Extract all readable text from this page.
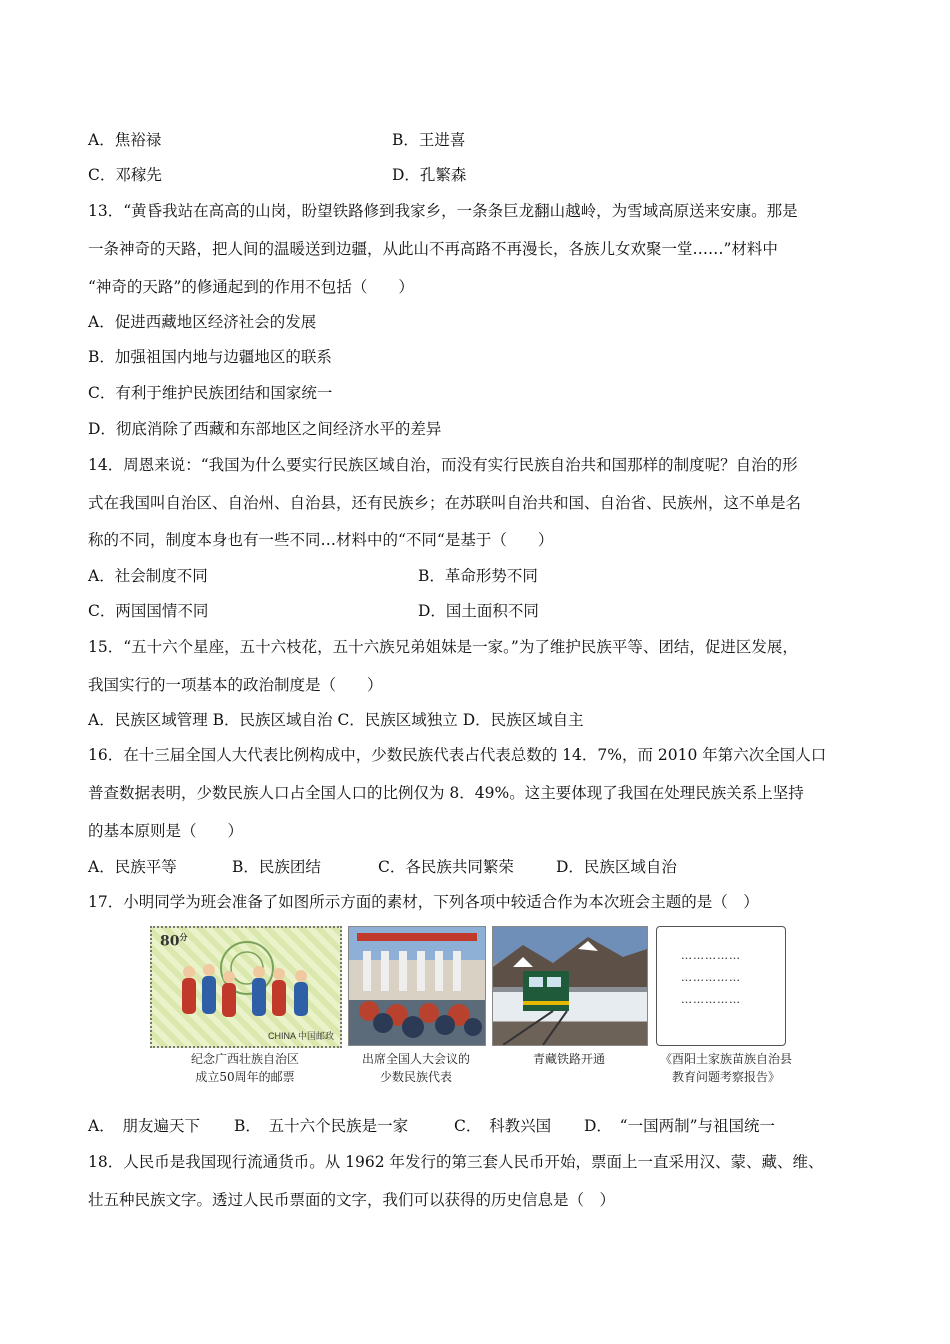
A．焦裕禄	B．王进喜
C．邓稼先	D．孔繁森
13．“黄昏我站在高高的山岗，盼望铁路修到我家乡，一条条巨龙翻山越岭，为雪域高原送来安康。那是
一条神奇的天路，把人间的温暖送到边疆，从此山不再高路不再漫长，各族儿女欢聚一堂……”材料中
“神奇的天路”的修通起到的作用不包括（　　）
A．促进西藏地区经济社会的发展
B．加强祖国内地与边疆地区的联系
C．有利于维护民族团结和国家统一
D．彻底消除了西藏和东部地区之间经济水平的差异
14．周恩来说：“我国为什么要实行民族区域自治，而没有实行民族自治共和国那样的制度呢？自治的形
式在我国叫自治区、自治州、自治县，还有民族乡；在苏联叫自治共和国、自治省、民族州，这不单是名
称的不同，制度本身也有一些不同…材料中的“不同“是基于（　　）
A．社会制度不同	B．革命形势不同
C．两国国情不同	D．国土面积不同
15．“五十六个星座，五十六枝花，五十六族兄弟姐妹是一家。”为了维护民族平等、团结，促进区发展，
我国实行的一项基本的政治制度是（　　）
A．民族区域管理 B．民族区域自治 C．民族区域独立 D．民族区域自主
16．在十三届全国人大代表比例构成中，少数民族代表占代表总数的 14．7%，而 2010 年第六次全国人口
普查数据表明，少数民族人口占全国人口的比例仅为 8．49%。这主要体现了我国在处理民族关系上坚持
的基本原则是（　　）
A．民族平等	B．民族团结	C．各民族共同繁荣	D．民族区域自治
17．小明同学为班会准备了如图所示方面的素材，下列各项中较适合作为本次班会主题的是（　）
$80^分$
CHINA 中国邮政
纪念广西壮族自治区
成立50周年的邮票
出席全国人大会议的
少数民族代表
青藏铁路开通
……………
……………
……………
《酉阳土家族苗族自治县
教育问题考察报告》
A．　朋友遍天下 B．　五十六个民族是一家	C．　科教兴国 D．　“一国两制”与祖国统一
18．人民币是我国现行流通货币。从 1962 年发行的第三套人民币开始，票面上一直采用汉、蒙、藏、维、
壮五种民族文字。透过人民币票面的文字，我们可以获得的历史信息是（　）
